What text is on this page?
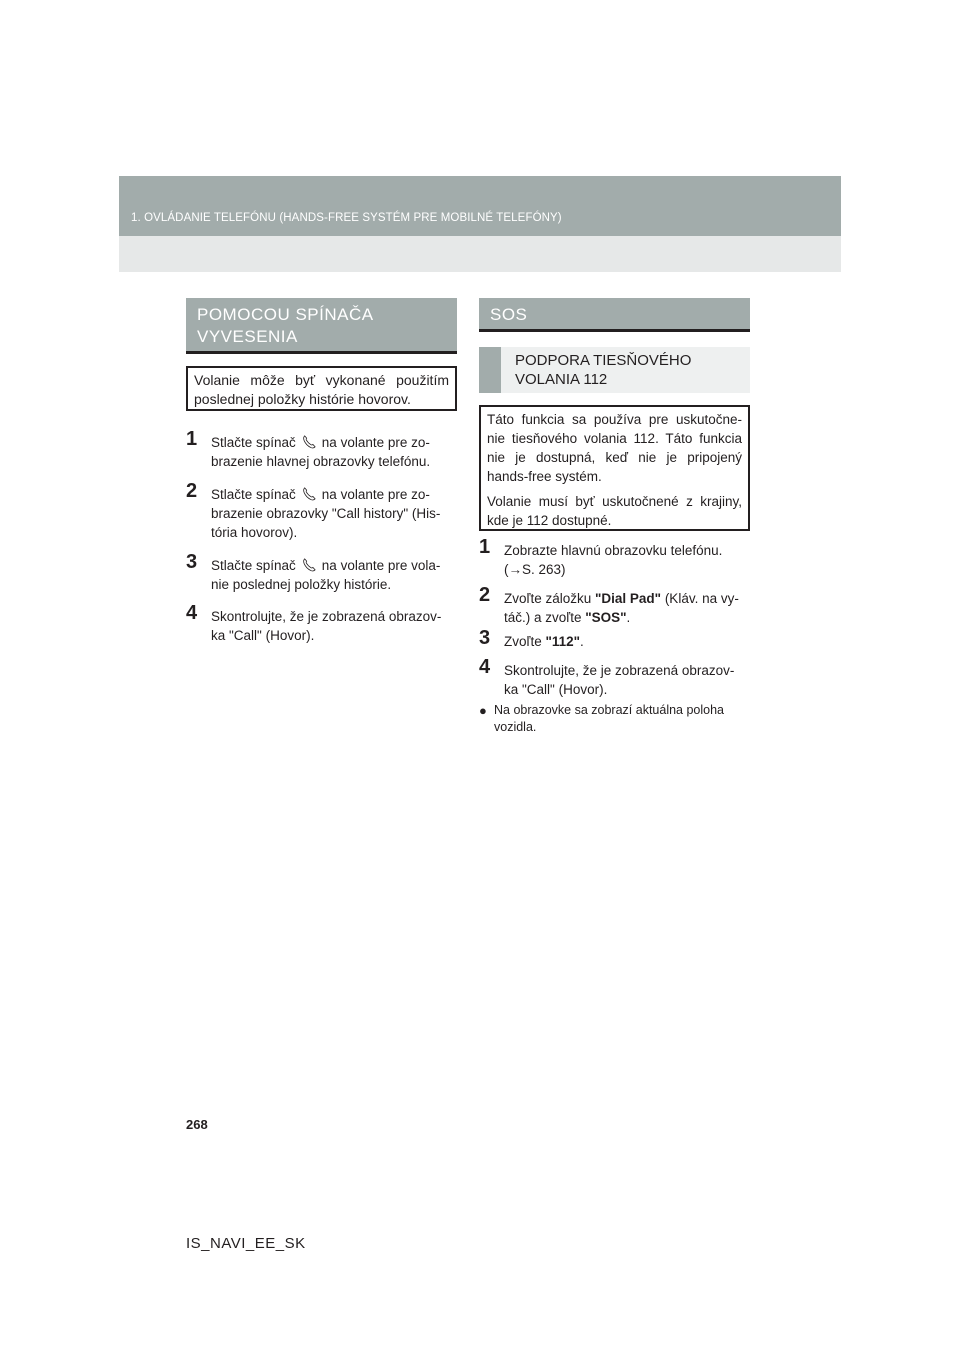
1. OVLÁDANIE TELEFÓNU (HANDS-FREE SYSTÉM PRE MOBILNÉ TELEFÓNY)
POMOCOU SPÍNAČA
VYVESENIA
Volanie môže byť vykonané použitím
poslednej položky histórie hovorov.
1 Stlačte spínač na volante pre zo-
brazenie hlavnej obrazovky telefónu.
2 Stlačte spínač na volante pre zo-
brazenie obrazovky "Call history" (His-
tória hovorov).
3 Stlačte spínač na volante pre vola-
nie poslednej položky histórie.
4 Skontrolujte, že je zobrazená obrazov-
ka "Call" (Hovor).
SOS
PODPORA TIESŇOVÉHO
VOLANIA 112
Táto funkcia sa používa pre uskutočne-
nie tiesňového volania 112. Táto funkcia
nie je dostupná, keď nie je pripojený
hands-free systém.
Volanie musí byť uskutočnené z krajiny,
kde je 112 dostupné.
1 Zobrazte hlavnú obrazovku telefónu.
(→S. 263)
2 Zvoľte záložku "Dial Pad" (Kláv. na vy-
táč.) a zvoľte "SOS".
3 Zvoľte "112".
4 Skontrolujte, že je zobrazená obrazov-
ka "Call" (Hovor).
● Na obrazovke sa zobrazí aktuálna poloha
vozidla.
268
IS_NAVI_EE_SK
